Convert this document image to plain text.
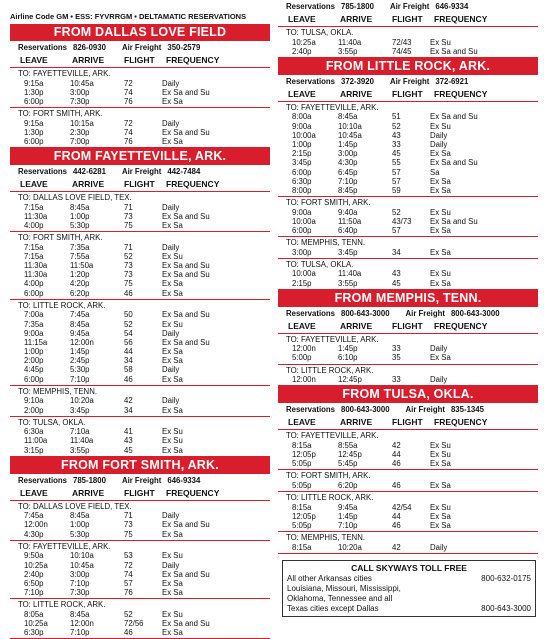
Airline Code GM • ESS: FYVRRGM • DELTAMATIC RESERVATIONS
FROM DALLAS LOVE FIELD
Reservations 826-0930 Air Freight 350-2579
LEAVE	ARRIVE	FLIGHT	FREQUENCY
TO: FAYETTEVILLE, ARK.
9:15a	10:45a	72	Daily
1:30p	3:00p	74	Ex Sa and Su
6:00p	7:30p	76	Ex Sa
TO: FORT SMITH, ARK.
9:15a	10:15a	72	Daily
1:30p	2:30p	74	Ex Sa and Su
6:00p	7:00p	76	Ex Sa
FROM FAYETTEVILLE, ARK.
Reservations 442-6281 Air Freight 442-7484
LEAVE	ARRIVE	FLIGHT	FREQUENCY
TO: DALLAS LOVE FIELD, TEX.
7:15a	8:45a	71	Daily
11:30a	1:00p	73	Ex Sa and Su
4:00p	5:30p	75	Ex Sa
TO: FORT SMITH, ARK.
7:15a	7:35a	71	Daily
7:15a	7:55a	52	Ex Su
11:30a	11:50a	73	Ex Sa and Su
11:30a	1:20p	73	Ex Sa and Su
4:00p	4:20p	75	Ex Sa
6:00p	6:20p	46	Ex Sa
TO: LITTLE ROCK, ARK.
7:00a	7:45a	50	Ex Sa and Su
7:35a	8:45a	52	Ex Su
9:00a	9:45a	54	Daily
11:15a	12:00n	56	Ex Sa and Su
1:00p	1:45p	44	Ex Sa
2:00p	2:45p	34	Ex Sa
4:45p	5:30p	58	Daily
6:00p	7:10p	46	Ex Sa
TO: MEMPHIS, TENN.
9:10a	10:20a	42	Daily
2:00p	3:45p	34	Ex Sa
TO: TULSA, OKLA.
6:30a	7:10a	41	Ex Su
11:00a	11:40a	43	Ex Su
3:15p	3:55p	45	Ex Sa
FROM FORT SMITH, ARK.
Reservations 785-1800 Air Freight 646-9334
LEAVE	ARRIVE	FLIGHT	FREQUENCY
TO: DALLAS LOVE FIELD, TEX.
7:45a	8:45a	71	Daily
12:00n	1:00p	73	Ex Sa and Su
4:30p	5:30p	75	Ex Sa
TO: FAYETTEVILLE, ARK.
9:50a	10:10a	53	Ex Su
10:25a	10:45a	72	Daily
2:40p	3:00p	74	Ex Sa and Su
6:50p	7:10p	57	Ex Sa
7:10p	7:30p	76	Ex Sa
TO: LITTLE ROCK, ARK.
8:05a	8:45a	52	Ex Su
10:25a	12:00n	72/56	Ex Sa and Su
6:30p	7:10p	46	Ex Sa
Reservations 785-1800 Air Freight 646-9334
LEAVE	ARRIVE	FLIGHT	FREQUENCY
TO: TULSA, OKLA.
10:25a	11:40a	72/43	Ex Su
2:40p	3:55p	74/45	Ex Sa and Su
FROM LITTLE ROCK, ARK.
Reservations 372-3920 Air Freight 372-6921
LEAVE	ARRIVE	FLIGHT	FREQUENCY
TO: FAYETTEVILLE, ARK.
8:00a	8:45a	51	Ex Sa and Su
9:00a	10:10a	52	Ex Su
10:00a	10:45a	43	Daily
1:00p	1:45p	33	Daily
2:15p	3:00p	45	Ex Sa
3:45p	4:30p	55	Ex Sa and Su
6:00p	6:45p	57	Sa
6:30p	7:10p	57	Ex Sa
8:00p	8:45p	59	Ex Sa
TO: FORT SMITH, ARK.
9:00a	9:40a	52	Ex Su
10:00a	11:50a	43/73	Ex Sa and Su
6:00p	6:40p	57	Ex Sa
TO: MEMPHIS, TENN.
3:00p	3:45p	34	Ex Sa
TO: TULSA, OKLA.
10:00a	11:40a	43	Ex Su
2:15p	3:55p	45	Ex Sa
FROM MEMPHIS, TENN.
Reservations 800-643-3000 Air Freight 800-643-3000
LEAVE	ARRIVE	FLIGHT	FREQUENCY
TO: FAYETTEVILLE, ARK.
12:00n	1:45p	33	Daily
5:00p	6:10p	35	Ex Sa
TO: LITTLE ROCK, ARK.
12:00n	12:45p	33	Daily
FROM TULSA, OKLA.
Reservations 800-643-3000 Air Freight 835-1345
LEAVE	ARRIVE	FLIGHT	FREQUENCY
TO: FAYETTEVILLE, ARK.
8:15a	8:55a	42	Ex Su
12:05p	12:45p	44	Ex Su
5:05p	5:45p	46	Ex Sa
TO: FORT SMITH, ARK.
5:05p	6:20p	46	Ex Sa
TO: LITTLE ROCK, ARK.
8:15a	9:45a	42/54	Ex Su
12:05p	1:45p	44	Ex Sa
5:05p	7:10p	46	Ex Sa
TO: MEMPHIS, TENN.
8:15a	10:20a	42	Daily
CALL SKYWAYS TOLL FREE
All other Arkansas cities	800-632-0175
Louisiana, Missouri, Mississippi,
Oklahoma, Tennessee and all
Texas cities except Dallas	800-643-3000
